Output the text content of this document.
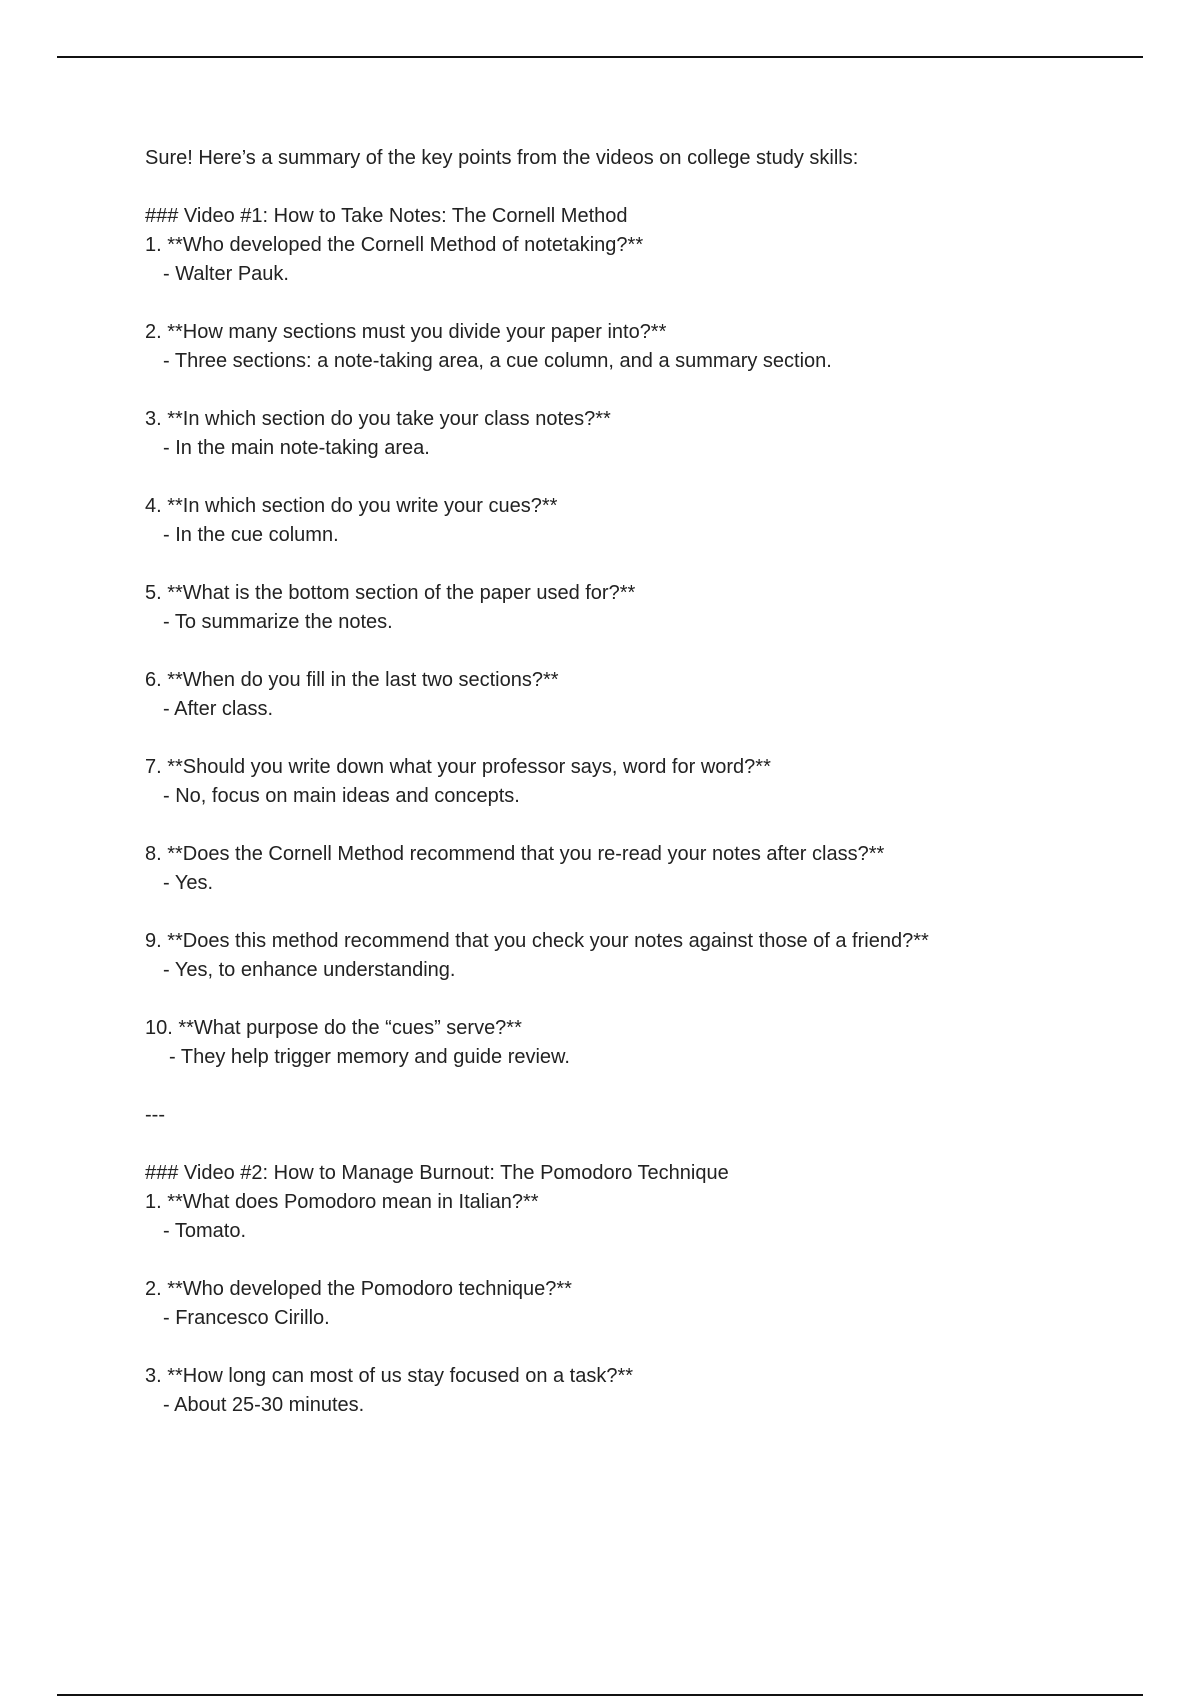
Sure! Here’s a summary of the key points from the videos on college study skills:

### Video #1: How to Take Notes: The Cornell Method

1. **Who developed the Cornell Method of notetaking?**

- Walter Pauk.

2. **How many sections must you divide your paper into?**

- Three sections: a note-taking area, a cue column, and a summary section.

3. **In which section do you take your class notes?**

- In the main note-taking area.

4. **In which section do you write your cues?**

- In the cue column.

5. **What is the bottom section of the paper used for?**

- To summarize the notes.

6. **When do you fill in the last two sections?**

- After class.

7. **Should you write down what your professor says, word for word?**

- No, focus on main ideas and concepts.

8. **Does the Cornell Method recommend that you re-read your notes after class?**

- Yes.

9. **Does this method recommend that you check your notes against those of a friend?**

- Yes, to enhance understanding.

10. **What purpose do the “cues” serve?**

- They help trigger memory and guide review.

---

### Video #2: How to Manage Burnout: The Pomodoro Technique

1. **What does Pomodoro mean in Italian?**

- Tomato.

2. **Who developed the Pomodoro technique?**

- Francesco Cirillo.

3. **How long can most of us stay focused on a task?**

- About 25-30 minutes.
